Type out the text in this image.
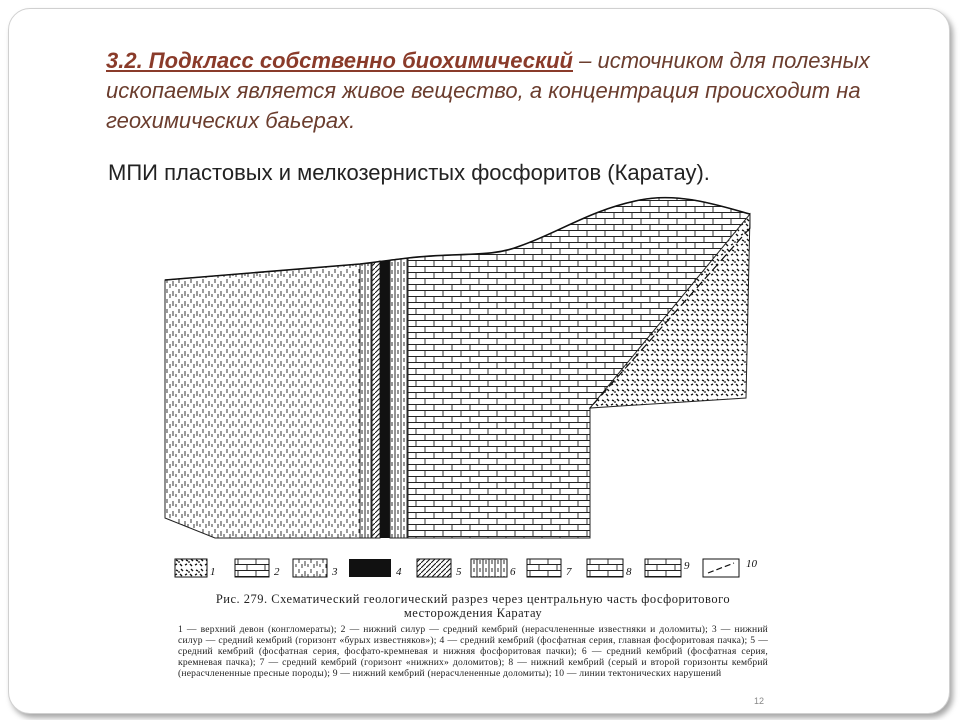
3.2. Подкласс собственно биохимический – источником для полезных ископаемых является живое вещество, а концентрация происходит на геохимических баьерах.
МПИ пластовых и мелкозернистых фосфоритов (Каратау).
1	2	3	4	5	6	7	8	9	10

Рис. 279. Схематический геологический разрез через центральную часть фосфоритового месторождения Каратау

1 — верхний девон (конгломераты); 2 — нижний силур — средний кембрий (нерасчлененные известняки и доломиты); 3 — нижний силур — средний кембрий (горизонт «бурых известняков»); 4 — средний кембрий (фосфатная серия, главная фосфоритовая пачка); 5 — средний кембрий (фосфатная серия, фосфато-кремневая и нижняя фосфоритовая пачки); 6 — средний кембрий (фосфатная серия, кремневая пачка); 7 — средний кембрий (горизонт «нижних» доломитов); 8 — нижний кембрий (серый и второй горизонты кембрий (нерасчлененные пресные породы); 9 — нижний кембрий (нерасчлененные доломиты); 10 — линии тектонических нарушений

12
